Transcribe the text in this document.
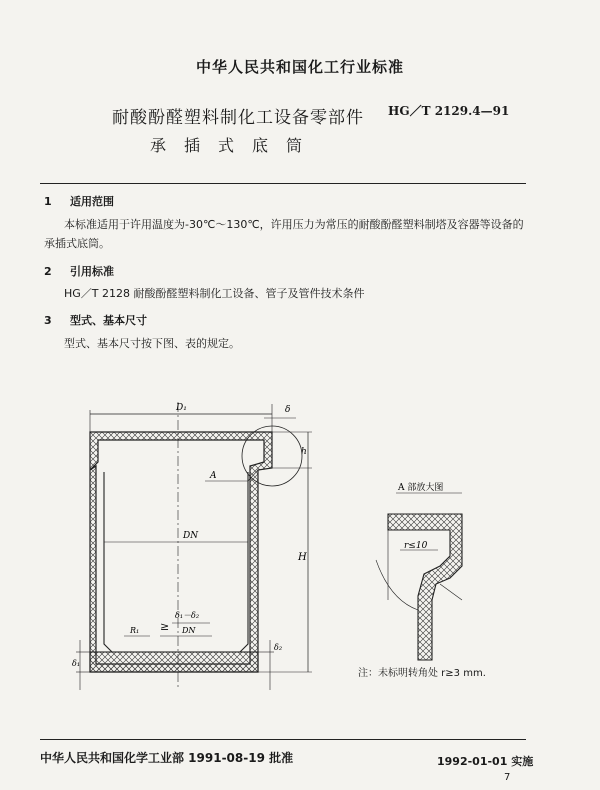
中华人民共和国化工行业标准
耐酸酚醛塑料制化工设备零部件 HG／T 2129.4—91
承插式底筒
1 适用范围
本标准适用于许用温度为-30℃～130℃，许用压力为常压的耐酸酚醛塑料制塔及容器等设备的
承插式底筒。
2 引用标准
HG／T 2128 耐酸酚醛塑料制化工设备、管子及管件技术条件
3 型式、基本尺寸
型式、基本尺寸按下图、表的规定。
D₁	δ
h
H
A
DN
R₁ ≥
δ₁－δ₂
DN
δ₁
δ₂
A 部放大图
r≤10
注：未标明转角处 r≥3 mm.
中华人民共和国化学工业部 1991-08-19 批准	1992-01-01 实施
7
